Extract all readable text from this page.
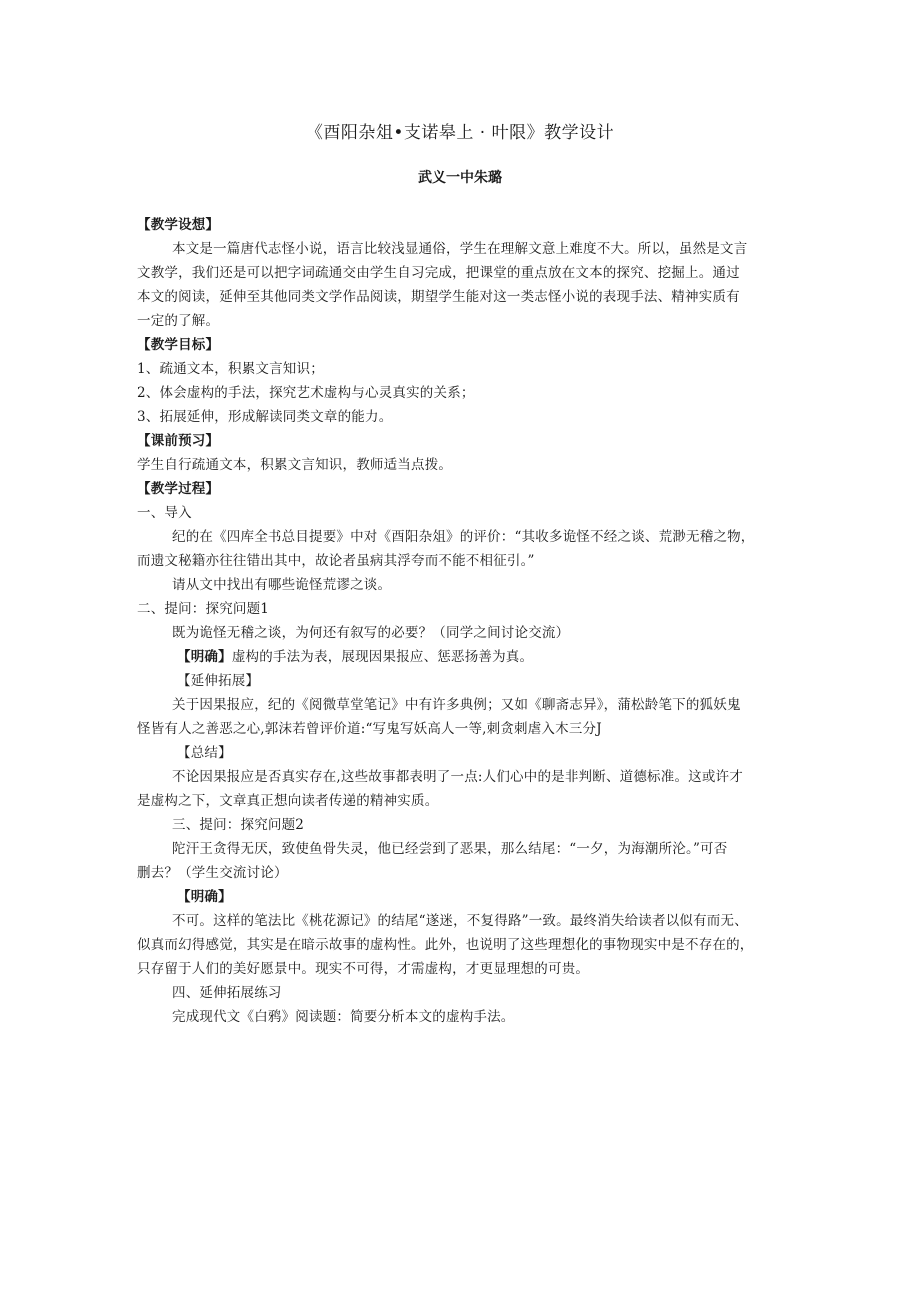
《酉阳杂俎•支诺皋上 · 叶限》教学设计

武义一中朱璐

【教学设想】
本文是一篇唐代志怪小说，语言比较浅显通俗，学生在理解文意上难度不大。所以，虽然是文言
文教学，我们还是可以把字词疏通交由学生自习完成，把课堂的重点放在文本的探究、挖掘上。通过
本文的阅读，延伸至其他同类文学作品阅读，期望学生能对这一类志怪小说的表现手法、精神实质有
一定的了解。
【教学目标】
1、疏通文本，积累文言知识；
2、体会虚构的手法，探究艺术虚构与心灵真实的关系；
3、拓展延伸，形成解读同类文章的能力。
【课前预习】
学生自行疏通文本，积累文言知识，教师适当点拨。
【教学过程】
一、导入
纪的在《四库全书总目提要》中对《酉阳杂俎》的评价：“其收多诡怪不经之谈、荒渺无稽之物，
而遗文秘籍亦往往错出其中，故论者虽病其浮夸而不能不相征引。”
请从文中找出有哪些诡怪荒谬之谈。
二、提问：探究问题1
既为诡怪无稽之谈，为何还有叙写的必要？（同学之间讨论交流）
【明确】虚构的手法为表，展现因果报应、惩恶扬善为真。
【延伸拓展】
关于因果报应，纪的《阅微草堂笔记》中有许多典例；又如《聊斋志异》，蒲松龄笔下的狐妖鬼
怪皆有人之善恶之心,郭沫若曾评价道:“写鬼写妖高人一等,刺贪刺虐入木三分J
【总结】
不论因果报应是否真实存在,这些故事都表明了一点:人们心中的是非判断、道德标准。这或许才
是虚构之下，文章真正想向读者传递的精神实质。
三、提问：探究问题2
陀汗王贪得无厌，致使鱼骨失灵，他已经尝到了恶果，那么结尾：“一夕，为海潮所沦。”可否
删去？（学生交流讨论）
【明确】
不可。这样的笔法比《桃花源记》的结尾“遂迷，不复得路”一致。最终消失给读者以似有而无、
似真而幻得感觉，其实是在暗示故事的虚构性。此外，也说明了这些理想化的事物现实中是不存在的，
只存留于人们的美好愿景中。现实不可得，才需虚构，才更显理想的可贵。
四、延伸拓展练习
完成现代文《白鸦》阅读题：简要分析本文的虚构手法。
